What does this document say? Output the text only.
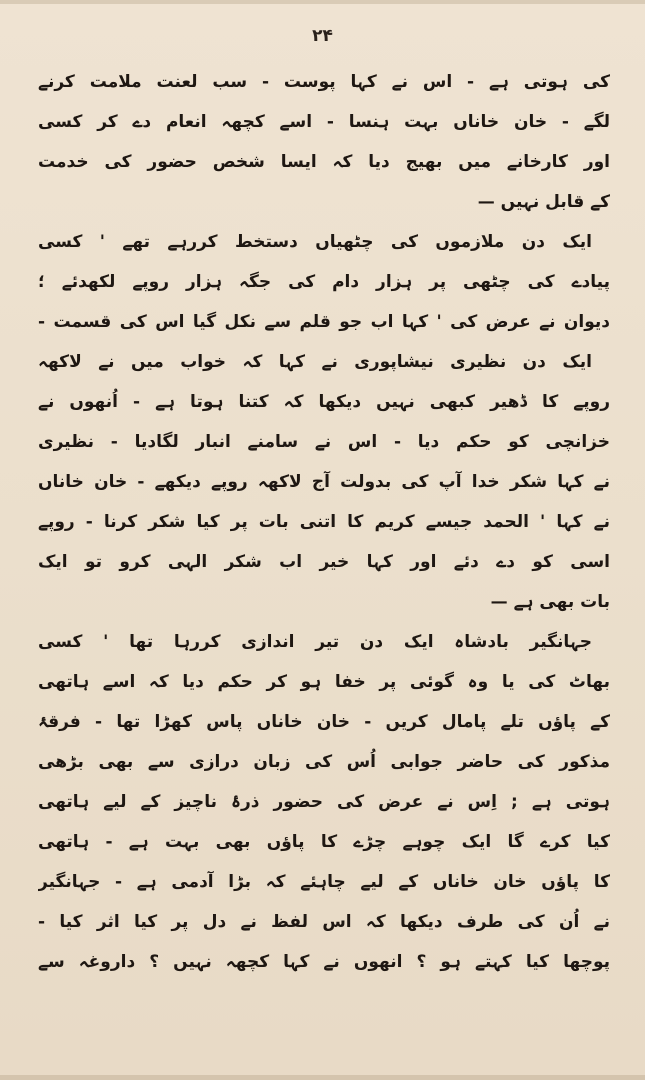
۲۴
کی ہوتی ہے - اس نے کہا پوست - سب لعنت ملامت کرنے
لگے - خان خاناں بہت ہنسا - اسے کچھہ انعام دے کر کسی
اور کارخانے میں بھیج دیا کہ ایسا شخص حضور کی خدمت
کے قابل نہیں —
ایک دن ملازموں کی چٹھیاں دستخط کررہے تھے ' کسی
پیادے کی چٹھی پر ہزار دام کی جگہ ہزار روپے لکھدئے ؛
دیوان نے عرض کی ' کہا اب جو قلم سے نکل گیا اس کی قسمت -
ایک دن نظیری نیشاپوری نے کہا کہ خواب میں نے لاکھہ
روپے کا ڈھیر کبھی نہیں دیکھا کہ کتنا ہوتا ہے - اُنھوں نے
خزانچی کو حکم دیا - اس نے سامنے انبار لگادیا - نظیری
نے کہا شکر خدا آپ کی بدولت آج لاکھہ روپے دیکھے - خان خاناں
نے کہا ' الحمد جیسے کریم کا اتنی بات پر کیا شکر کرنا - روپے
اسی کو دے دئے اور کہا خیر اب شکر الہی کرو تو ایک
بات بھی ہے —
جہانگیر بادشاہ ایک دن تیر اندازی کررہا تھا ' کسی
بھاٹ کی یا وہ گوئی پر خفا ہو کر حکم دیا کہ اسے ہاتھی
کے پاؤں تلے پامال کریں - خان خاناں پاس کھڑا تھا - فرقۂ
مذکور کی حاضر جوابی اُس کی زبان درازی سے بھی بڑھی
ہوتی ہے ; اِس نے عرض کی حضور ذرۂ ناچیز کے لیے ہاتھی
کیا کرے گا ایک چوہے چڑے کا پاؤں بھی بہت ہے - ہاتھی
کا پاؤں خان خاناں کے لیے چاہئے کہ بڑا آدمی ہے - جہانگیر
نے اُن کی طرف دیکھا کہ اس لفظ نے دل پر کیا اثر کیا -
پوچھا کیا کہتے ہو ؟ انھوں نے کہا کچھہ نہیں ؟ داروغہ سے
